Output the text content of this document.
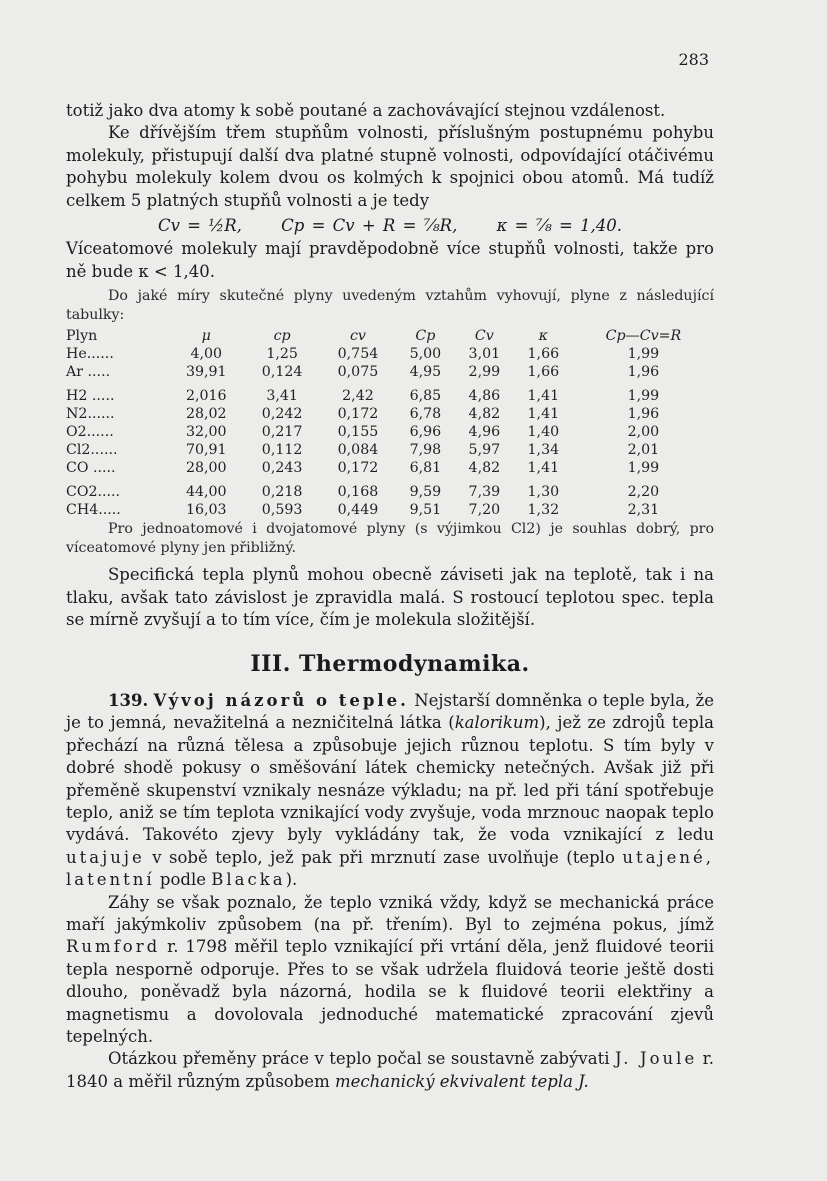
283

totiž jako dva atomy k sobě poutané a zachovávající stejnou vzdálenost.

Ke dřívějším třem stupňům volnosti, příslušným postupnému pohybu molekuly, přistupují další dva platné stupně volnosti, odpovídající otáčivému pohybu molekuly kolem dvou os kolmých k spojnici obou atomů. Má tudíž celkem 5 platných stupňů volnosti a je tedy

Cv = ½R, Cp = Cv + R = ⅞R, κ = ⅞ = 1,40.

Víceatomové molekuly mají pravděpodobně více stupňů volnosti, takže pro ně bude κ < 1,40.

Do jaké míry skutečné plyny uvedeným vztahům vyhovují, plyne z následující tabulky:

Plyn	μ	cp	cv	Cp	Cv	κ	Cp—Cv=R
He......	4,00	1,25	0,754	5,00	3,01	1,66	1,99
Ar .....	39,91	0,124	0,075	4,95	2,99	1,66	1,96
H2 .....	2,016	3,41	2,42	6,85	4,86	1,41	1,99
N2......	28,02	0,242	0,172	6,78	4,82	1,41	1,96
O2......	32,00	0,217	0,155	6,96	4,96	1,40	2,00
Cl2......	70,91	0,112	0,084	7,98	5,97	1,34	2,01
CO .....	28,00	0,243	0,172	6,81	4,82	1,41	1,99
CO2.....	44,00	0,218	0,168	9,59	7,39	1,30	2,20
CH4.....	16,03	0,593	0,449	9,51	7,20	1,32	2,31

Pro jednoatomové i dvojatomové plyny (s výjimkou Cl2) je souhlas dobrý, pro víceatomové plyny jen přibližný.

Specifická tepla plynů mohou obecně záviseti jak na teplotě, tak i na tlaku, avšak tato závislost je zpravidla malá. S rostoucí teplotou spec. tepla se mírně zvyšují a to tím více, čím je molekula složitější.

III. Thermodynamika.

139. Vývoj názorů o teple. Nejstarší domněnka o teple byla, že je to jemná, nevažitelná a nezničitelná látka (kalorikum), jež ze zdrojů tepla přechází na různá tělesa a způsobuje jejich různou teplotu. S tím byly v dobré shodě pokusy o směšování látek chemicky netečných. Avšak již při přeměně skupenství vznikaly nesnáze výkladu; na př. led při tání spotřebuje teplo, aniž se tím teplota vznikající vody zvyšuje, voda mrznouc naopak teplo vydává. Takovéto zjevy byly vykládány tak, že voda vznikající z ledu utajuje v sobě teplo, jež pak při mrznutí zase uvolňuje (teplo utajené, latentní podle Blacka).

Záhy se však poznalo, že teplo vzniká vždy, když se mechanická práce maří jakýmkoliv způsobem (na př. třením). Byl to zejména pokus, jímž Rumford r. 1798 měřil teplo vznikající při vrtání děla, jenž fluidové teorii tepla nesporně odporuje. Přes to se však udržela fluidová teorie ještě dosti dlouho, poněvadž byla názorná, hodila se k fluidové teorii elektřiny a magnetismu a dovolovala jednoduché matematické zpracování zjevů tepelných.

Otázkou přeměny práce v teplo počal se soustavně zabývati J. Joule r. 1840 a měřil různým způsobem mechanický ekvivalent tepla J.
